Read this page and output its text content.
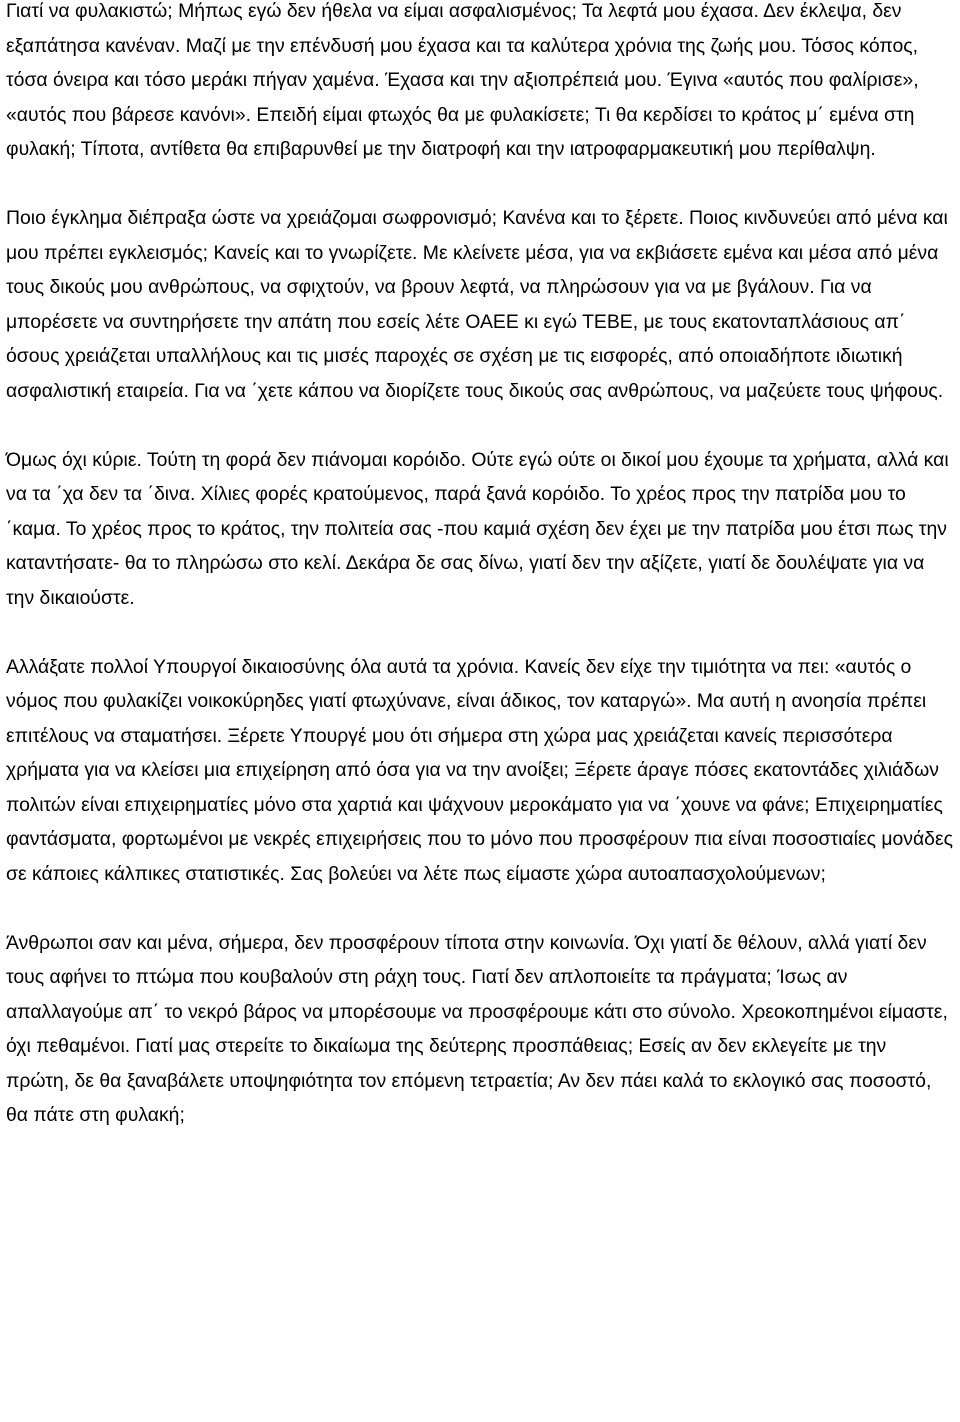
Γιατί να φυλακιστώ; Μήπως εγώ δεν ήθελα να είμαι ασφαλισμένος; Τα λεφτά μου έχασα. Δεν έκλεψα, δεν εξαπάτησα κανέναν. Μαζί με την επένδυσή μου έχασα και τα καλύτερα χρόνια της ζωής μου. Τόσος κόπος, τόσα όνειρα και τόσο μεράκι πήγαν χαμένα. Έχασα και την αξιοπρέπειά μου. Έγινα «αυτός που φαλίρισε», «αυτός που βάρεσε κανόνι». Επειδή είμαι φτωχός θα με φυλακίσετε; Τι θα κερδίσει το κράτος μ΄ εμένα στη φυλακή; Τίποτα, αντίθετα θα επιβαρυνθεί με την διατροφή και την ιατροφαρμακευτική μου περίθαλψη.

Ποιο έγκλημα διέπραξα ώστε να χρειάζομαι σωφρονισμό; Κανένα και το ξέρετε. Ποιος κινδυνεύει από μένα και μου πρέπει εγκλεισμός; Κανείς και το γνωρίζετε. Με κλείνετε μέσα, για να εκβιάσετε εμένα και μέσα από μένα τους δικούς μου ανθρώπους, να σφιχτούν, να βρουν λεφτά, να πληρώσουν για να με βγάλουν. Για να μπορέσετε να συντηρήσετε την απάτη που εσείς λέτε ΟΑΕΕ κι εγώ ΤΕΒΕ, με τους εκατονταπλάσιους απ΄ όσους χρειάζεται υπαλλήλους και τις μισές παροχές σε σχέση με τις εισφορές, από οποιαδήποτε ιδιωτική ασφαλιστική εταιρεία. Για να ΄χετε κάπου να διορίζετε τους δικούς σας ανθρώπους, να μαζεύετε τους ψήφους.

Όμως όχι κύριε. Τούτη τη φορά δεν πιάνομαι κορόιδο. Ούτε εγώ ούτε οι δικοί μου έχουμε τα χρήματα, αλλά και να τα ΄χα δεν τα ΄δινα. Χίλιες φορές κρατούμενος, παρά ξανά κορόιδο. Το χρέος προς την πατρίδα μου το ΄καμα. Το χρέος προς το κράτος, την πολιτεία σας -που καμιά σχέση δεν έχει με την πατρίδα μου έτσι πως την καταντήσατε- θα το πληρώσω στο κελί. Δεκάρα δε σας δίνω, γιατί δεν την αξίζετε, γιατί δε δουλέψατε για να την δικαιούστε.

Αλλάξατε πολλοί Υπουργοί δικαιοσύνης όλα αυτά τα χρόνια. Κανείς δεν είχε την τιμιότητα να πει: «αυτός ο νόμος που φυλακίζει νοικοκύρηδες γιατί φτωχύνανε, είναι άδικος, τον καταργώ». Μα αυτή η ανοησία πρέπει επιτέλους να σταματήσει. Ξέρετε Υπουργέ μου ότι σήμερα στη χώρα μας χρειάζεται κανείς περισσότερα χρήματα για να κλείσει μια επιχείρηση από όσα για να την ανοίξει; Ξέρετε άραγε πόσες εκατοντάδες χιλιάδων πολιτών είναι επιχειρηματίες μόνο στα χαρτιά και ψάχνουν μεροκάματο για να ΄χουνε να φάνε; Επιχειρηματίες φαντάσματα, φορτωμένοι με νεκρές επιχειρήσεις που το μόνο που προσφέρουν πια είναι ποσοστιαίες μονάδες σε κάποιες κάλπικες στατιστικές. Σας βολεύει να λέτε πως είμαστε χώρα αυτοαπασχολούμενων;

Άνθρωποι σαν και μένα, σήμερα, δεν προσφέρουν τίποτα στην κοινωνία. Όχι γιατί δε θέλουν, αλλά γιατί δεν τους αφήνει το πτώμα που κουβαλούν στη ράχη τους. Γιατί δεν απλοποιείτε τα πράγματα; Ίσως αν απαλλαγούμε απ΄ το νεκρό βάρος να μπορέσουμε να προσφέρουμε κάτι στο σύνολο. Χρεοκοπημένοι είμαστε, όχι πεθαμένοι. Γιατί μας στερείτε το δικαίωμα της δεύτερης προσπάθειας; Εσείς αν δεν εκλεγείτε με την πρώτη, δε θα ξαναβάλετε υποψηφιότητα τον επόμενη τετραετία; Αν δεν πάει καλά το εκλογικό σας ποσοστό, θα πάτε στη φυλακή;
